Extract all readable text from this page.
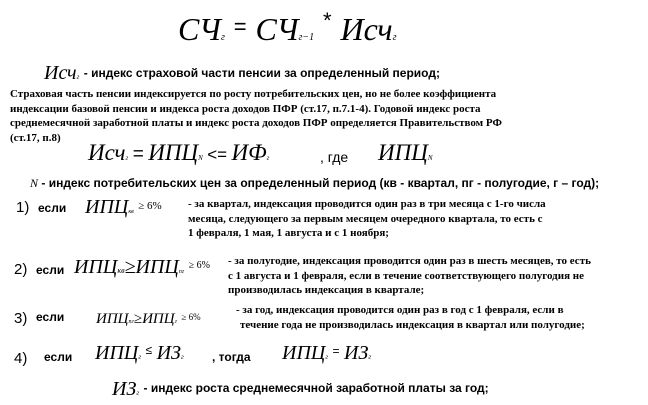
СЧг = СЧг−1 * Исчг
Исчг - индекс страховой части пенсии за определенный период;
Страховая часть пенсии индексируется по росту потребительских цен, но не более коэффициента
индексации базовой пенсии и индекса роста доходов ПФР (ст.17, п.7.1-4). Годовой индекс роста
среднемесячной заработной платы и индекс роста доходов ПФР определяется Правительством РФ
(ст.17, п.8)
Исчг = ИПЦN <= ИФг	, где ИПЦN
N - индекс потребительских цен за определенный период (кв - квартал, пг - полугодие, г – год);
1) если ИПЦкв $^{\ge 6\%}$ - за квартал, индексация проводится один раз в три месяца с 1-го числа
месяца, следующего за первым месяцем очередного квартала, то есть с
1 февраля, 1 мая, 1 августа и с 1 ноября;
2) если ИПЦкв≥ИПЦпг $^{\ge 6\%}$ - за полугодие, индексация проводится один раз в шесть месяцев, то есть
с 1 августа и 1 февраля, если в течение соответствующего полугодия не
производилась индексация в квартале;
3) если ИПЦпг≥ИПЦг ≥ 6%
- за год, индексация проводится один раз в год с 1 февраля, если в
течение года не производилась индексация в квартал или полугодие;
4) если ИПЦг ≤ ИЗг , тогда ИПЦг = ИЗг
ИЗг - индекс роста среднемесячной заработной платы за год;
